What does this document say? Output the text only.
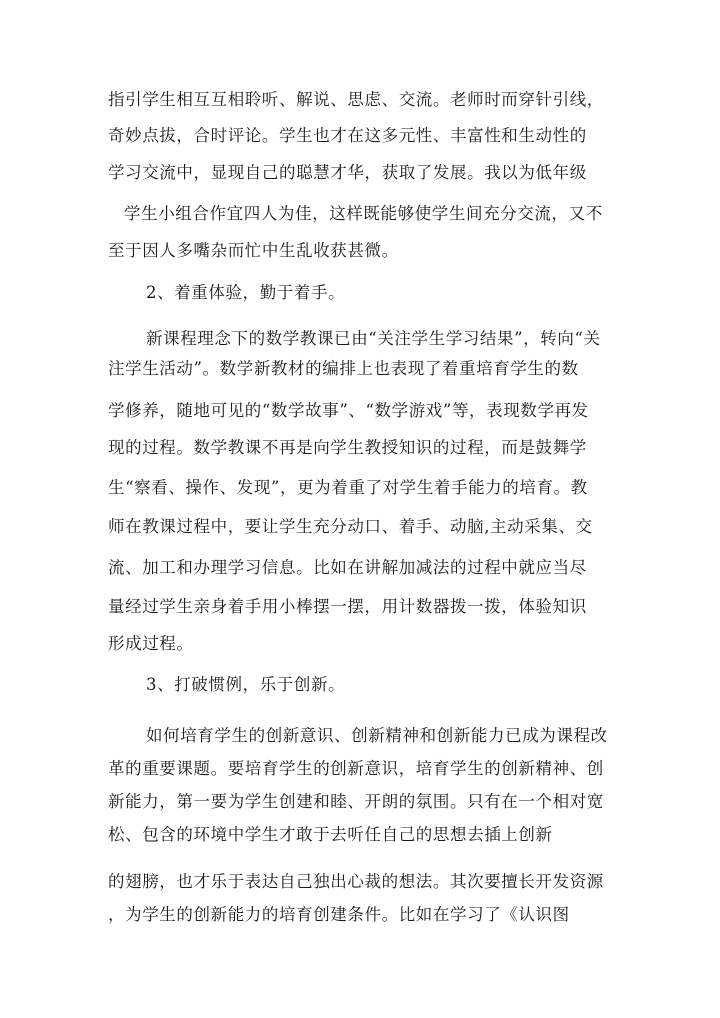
指引学生相互互相聆听、解说、思虑、交流。老师时而穿针引线，
奇妙点拔，合时评论。学生也才在这多元性、丰富性和生动性的
学习交流中，显现自己的聪慧才华，获取了发展。我以为低年级
学生小组合作宜四人为佳，这样既能够使学生间充分交流，又不
至于因人多嘴杂而忙中生乱收获甚微。
2、着重体验，勤于着手。
新课程理念下的数学教课已由“关注学生学习结果”，转向“关
注学生活动”。数学新教材的编排上也表现了着重培育学生的数
学修养，随地可见的“数学故事”、“数学游戏”等，表现数学再发
现的过程。数学教课不再是向学生教授知识的过程，而是鼓舞学
生“察看、操作、发现”，更为着重了对学生着手能力的培育。教
师在教课过程中，要让学生充分动口、着手、动脑,主动采集、交
流、加工和办理学习信息。比如在讲解加减法的过程中就应当尽
量经过学生亲身着手用小棒摆一摆，用计数器拨一拨，体验知识
形成过程。
3、打破惯例，乐于创新。
如何培育学生的创新意识、创新精神和创新能力已成为课程改
革的重要课题。要培育学生的创新意识，培育学生的创新精神、创
新能力，第一要为学生创建和睦、开朗的氛围。只有在一个相对宽
松、包含的环境中学生才敢于去听任自己的思想去插上创新
的翅膀，也才乐于表达自己独出心裁的想法。其次要擅长开发资源
，为学生的创新能力的培育创建条件。比如在学习了《认识图
